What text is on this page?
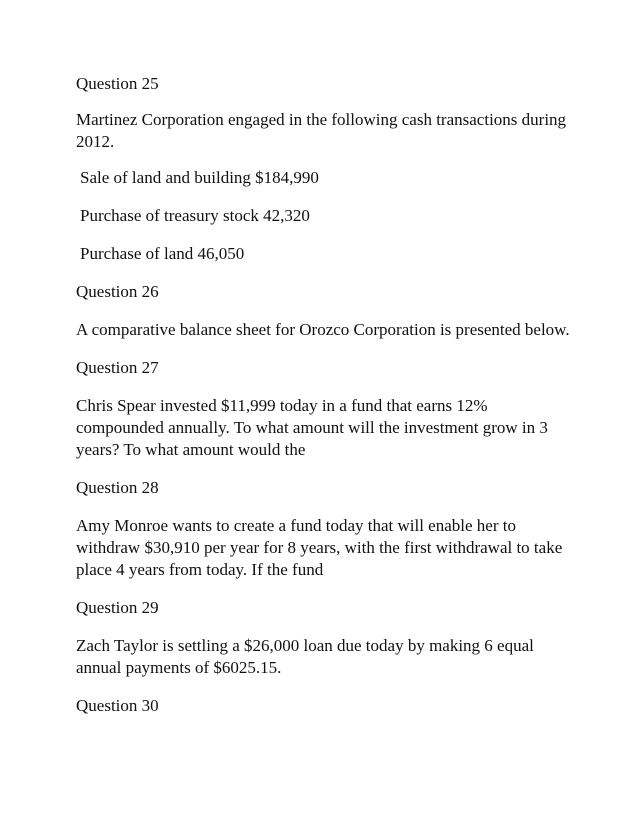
Question 25

Martinez Corporation engaged in the following cash transactions during 2012.

Sale of land and building $184,990

Purchase of treasury stock 42,320

Purchase of land 46,050

Question 26

A comparative balance sheet for Orozco Corporation is presented below.

Question 27

Chris Spear invested $11,999 today in a fund that earns 12% compounded annually. To what amount will the investment grow in 3 years? To what amount would the

Question 28

Amy Monroe wants to create a fund today that will enable her to withdraw $30,910 per year for 8 years, with the first withdrawal to take place 4 years from today. If the fund

Question 29

Zach Taylor is settling a $26,000 loan due today by making 6 equal annual payments of $6025.15.

Question 30
